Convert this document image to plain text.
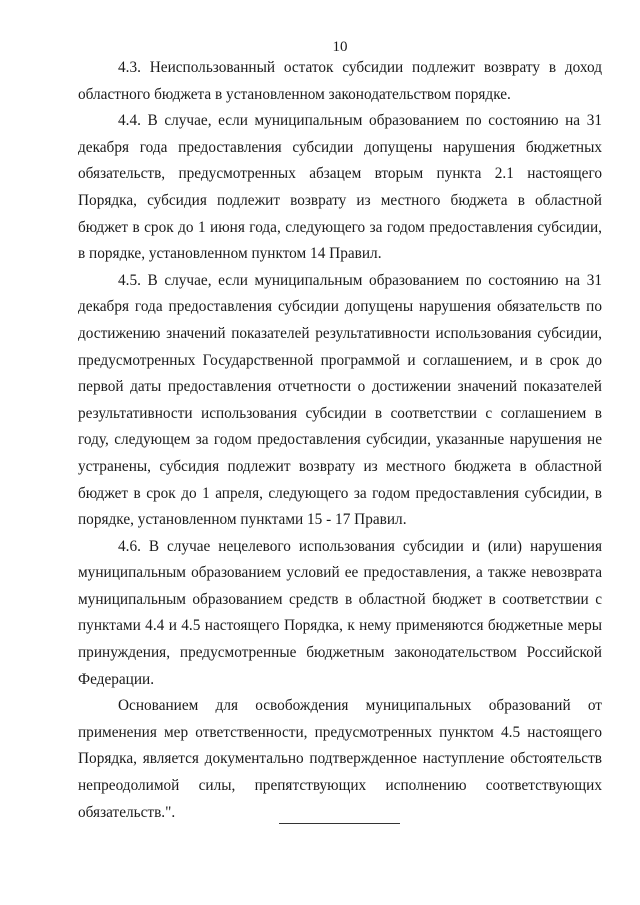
10

4.3. Неиспользованный остаток субсидии подлежит возврату в доход областного бюджета в установленном законодательством порядке.

4.4. В случае, если муниципальным образованием по состоянию на 31 декабря года предоставления субсидии допущены нарушения бюджетных обязательств, предусмотренных абзацем вторым пункта 2.1 настоящего Порядка, субсидия подлежит возврату из местного бюджета в областной бюджет в срок до 1 июня года, следующего за годом предоставления субсидии, в порядке, установленном пунктом 14 Правил.

4.5. В случае, если муниципальным образованием по состоянию на 31 декабря года предоставления субсидии допущены нарушения обязательств по достижению значений показателей результативности использования субсидии, предусмотренных Государственной программой и соглашением, и в срок до первой даты предоставления отчетности о достижении значений показателей результативности использования субсидии в соответствии с соглашением в году, следующем за годом предоставления субсидии, указанные нарушения не устранены, субсидия подлежит возврату из местного бюджета в областной бюджет в срок до 1 апреля, следующего за годом предоставления субсидии, в порядке, установленном пунктами 15 - 17 Правил.

4.6. В случае нецелевого использования субсидии и (или) нарушения муниципальным образованием условий ее предоставления, а также невозврата муниципальным образованием средств в областной бюджет в соответствии с пунктами 4.4 и 4.5 настоящего Порядка, к нему применяются бюджетные меры принуждения, предусмотренные бюджетным законодательством Российской Федерации.

Основанием для освобождения муниципальных образований от применения мер ответственности, предусмотренных пунктом 4.5 настоящего Порядка, является документально подтвержденное наступление обстоятельств непреодолимой силы, препятствующих исполнению соответствующих обязательств.".
